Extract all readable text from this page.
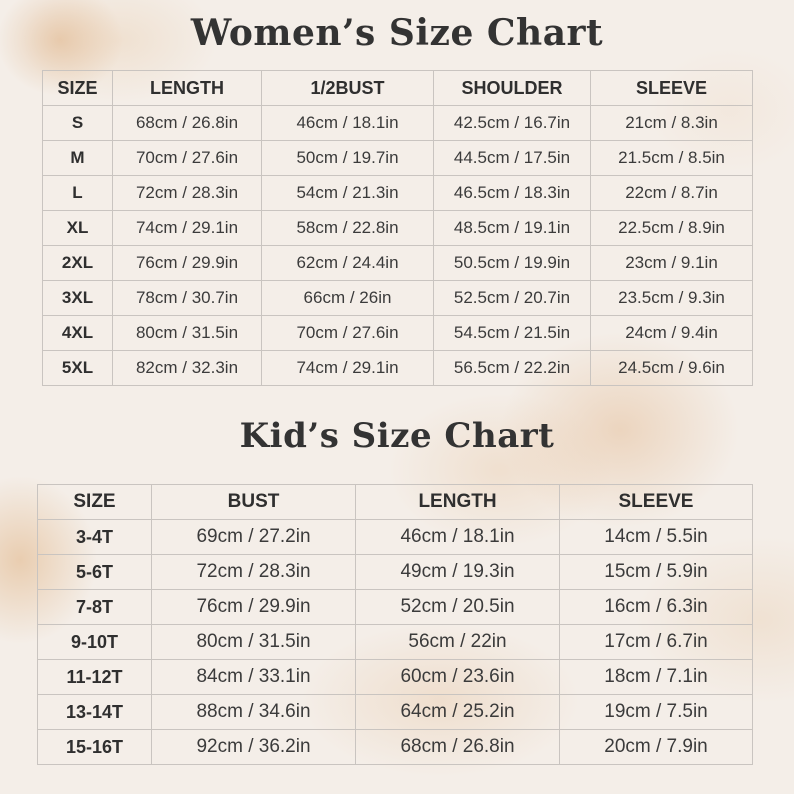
Women’s Size Chart
SIZE	LENGTH	1/2BUST	SHOULDER	SLEEVE
S	68cm / 26.8in	46cm / 18.1in	42.5cm / 16.7in	21cm / 8.3in
M	70cm / 27.6in	50cm / 19.7in	44.5cm / 17.5in	21.5cm / 8.5in
L	72cm / 28.3in	54cm / 21.3in	46.5cm / 18.3in	22cm / 8.7in
XL	74cm / 29.1in	58cm / 22.8in	48.5cm / 19.1in	22.5cm / 8.9in
2XL	76cm / 29.9in	62cm / 24.4in	50.5cm / 19.9in	23cm / 9.1in
3XL	78cm / 30.7in	66cm / 26in	52.5cm / 20.7in	23.5cm / 9.3in
4XL	80cm / 31.5in	70cm / 27.6in	54.5cm / 21.5in	24cm / 9.4in
5XL	82cm / 32.3in	74cm / 29.1in	56.5cm / 22.2in	24.5cm / 9.6in
Kid’s Size Chart
SIZE	BUST	LENGTH	SLEEVE
3-4T	69cm / 27.2in	46cm / 18.1in	14cm / 5.5in
5-6T	72cm / 28.3in	49cm / 19.3in	15cm / 5.9in
7-8T	76cm / 29.9in	52cm / 20.5in	16cm / 6.3in
9-10T	80cm / 31.5in	56cm / 22in	17cm / 6.7in
11-12T	84cm / 33.1in	60cm / 23.6in	18cm / 7.1in
13-14T	88cm / 34.6in	64cm / 25.2in	19cm / 7.5in
15-16T	92cm / 36.2in	68cm / 26.8in	20cm / 7.9in
